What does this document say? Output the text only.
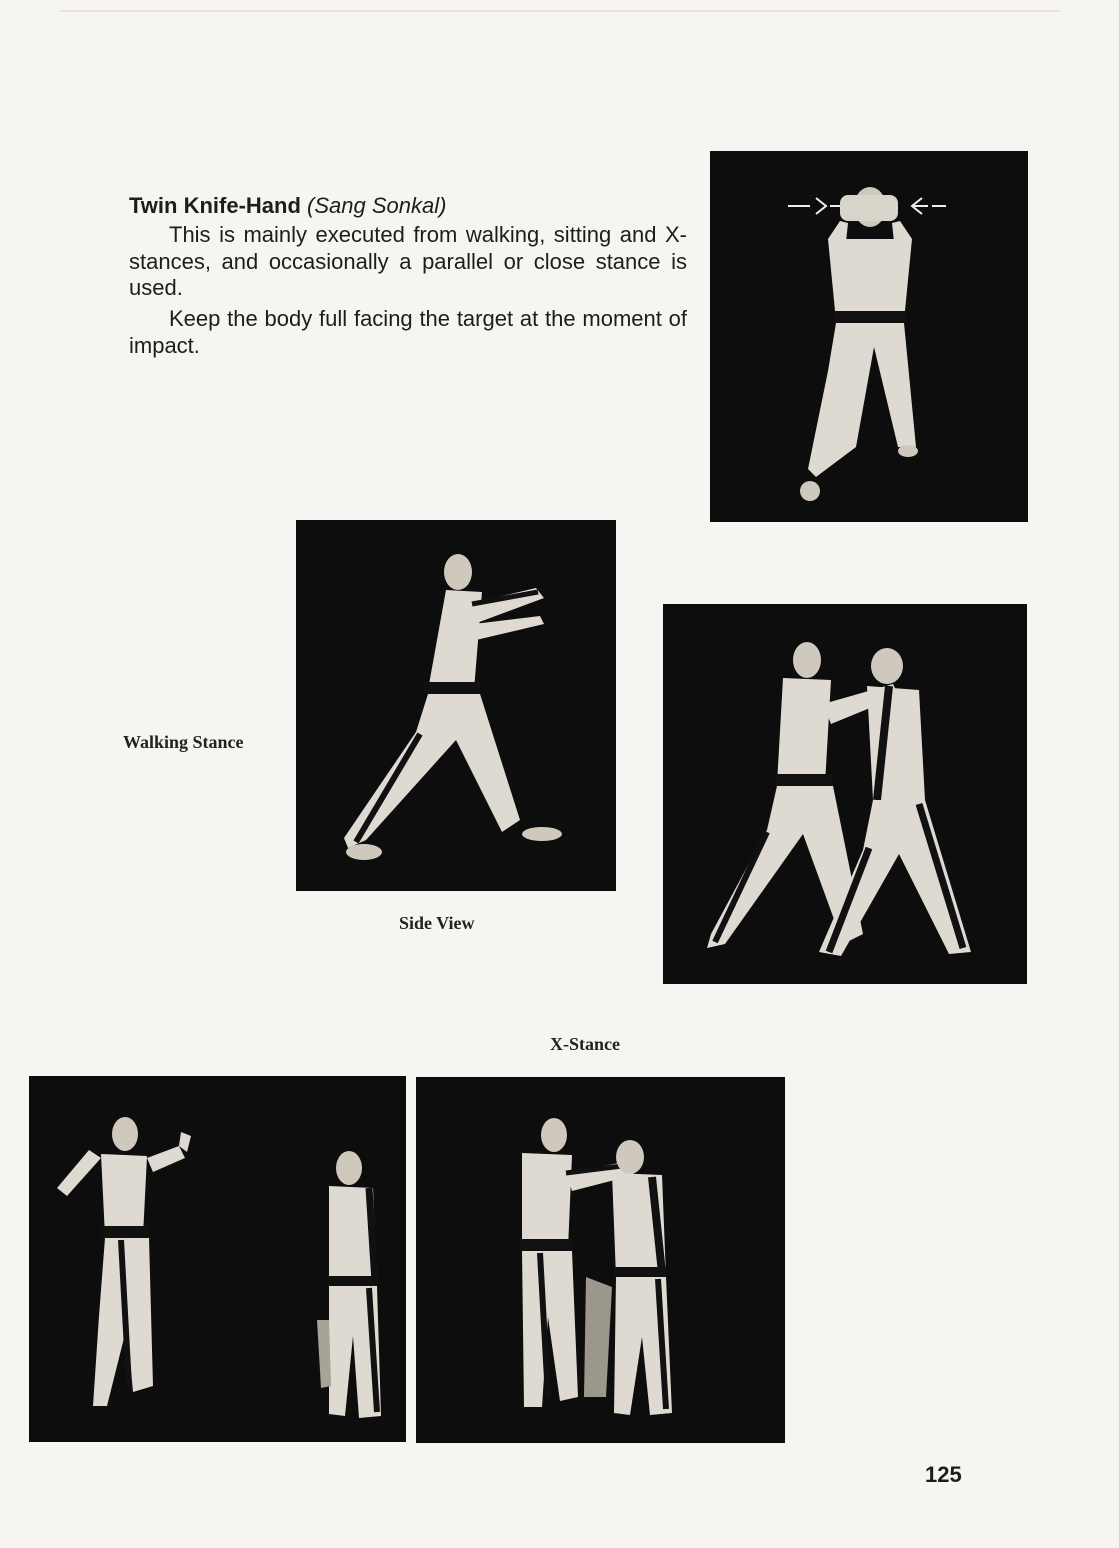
Twin Knife-Hand (Sang Sonkal)

This is mainly executed from walking, sitting and X-stances, and occasionally a parallel or close stance is used.

Keep the body full facing the target at the moment of impact.

Walking Stance
Side View
X-Stance
125
